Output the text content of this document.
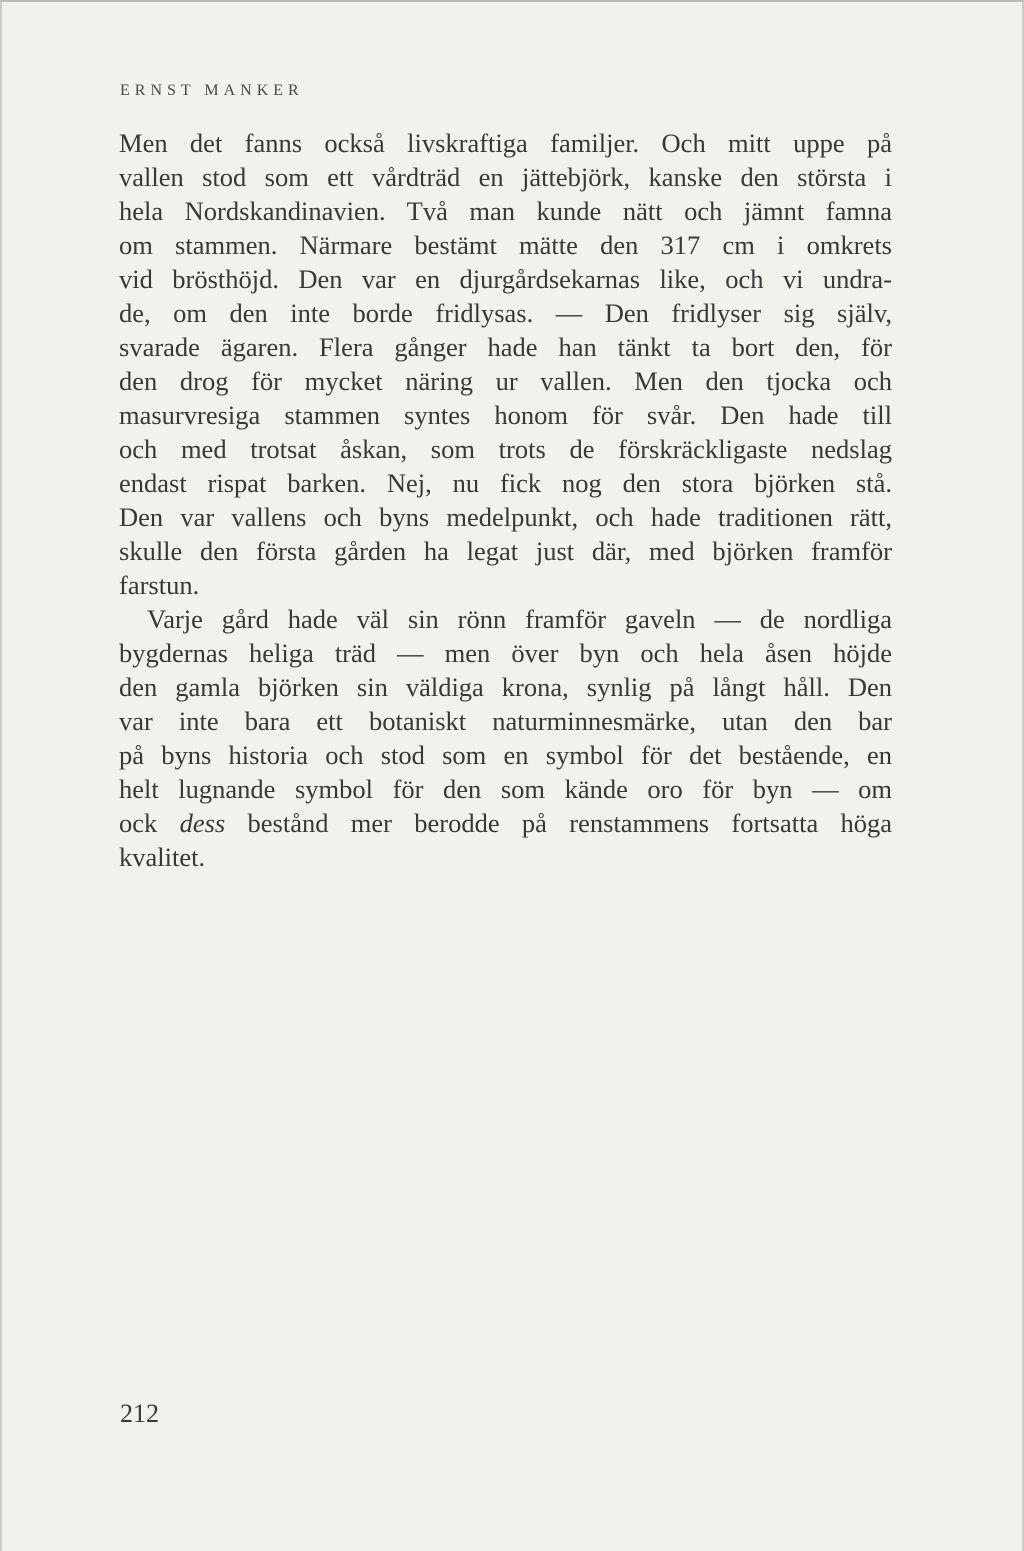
ERNST MANKER
Men det fanns också livskraftiga familjer. Och mitt uppe på
vallen stod som ett vårdträd en jättebjörk, kanske den största i
hela Nordskandinavien. Två man kunde nätt och jämnt famna
om stammen. Närmare bestämt mätte den 317 cm i omkrets
vid brösthöjd. Den var en djurgårdsekarnas like, och vi undra-
de, om den inte borde fridlysas. — Den fridlyser sig själv,
svarade ägaren. Flera gånger hade han tänkt ta bort den, för
den drog för mycket näring ur vallen. Men den tjocka och
masurvresiga stammen syntes honom för svår. Den hade till
och med trotsat åskan, som trots de förskräckligaste nedslag
endast rispat barken. Nej, nu fick nog den stora björken stå.
Den var vallens och byns medelpunkt, och hade traditionen rätt,
skulle den första gården ha legat just där, med björken framför
farstun.
Varje gård hade väl sin rönn framför gaveln — de nordliga
bygdernas heliga träd — men över byn och hela åsen höjde
den gamla björken sin väldiga krona, synlig på långt håll. Den
var inte bara ett botaniskt naturminnesmärke, utan den bar
på byns historia och stod som en symbol för det bestående, en
helt lugnande symbol för den som kände oro för byn — om
ock dess bestånd mer berodde på renstammens fortsatta höga
kvalitet.
212
